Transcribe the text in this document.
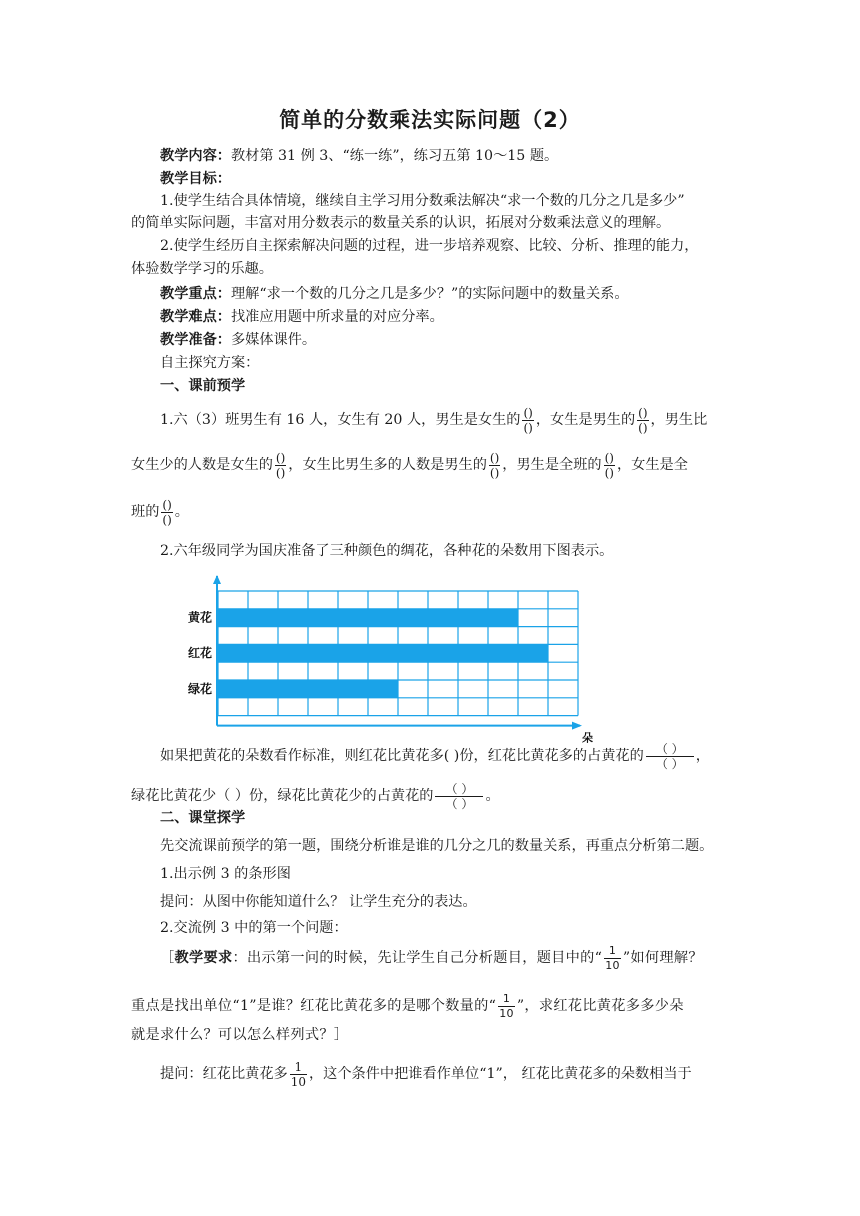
简单的分数乘法实际问题（2）
教学内容：教材第 31 例 3、“练一练”，练习五第 10～15 题。
教学目标：
1.使学生结合具体情境，继续自主学习用分数乘法解决“求一个数的几分之几是多少”
的简单实际问题，丰富对用分数表示的数量关系的认识，拓展对分数乘法意义的理解。
2.使学生经历自主探索解决问题的过程，进一步培养观察、比较、分析、推理的能力，
体验数学学习的乐趣。
教学重点：理解“求一个数的几分之几是多少？”的实际问题中的数量关系。
教学难点：找准应用题中所求量的对应分率。
教学准备：多媒体课件。
自主探究方案：
一、课前预学
1.六（3）班男生有 16 人，女生有 20 人，男生是女生的 $\frac{()}{()}$ ，女生是男生的 $\frac{()}{()}$ ，男生比
女生少的人数是女生的 $\frac{()}{()}$ ，女生比男生多的人数是男生的 $\frac{()}{()}$ ，男生是全班的 $\frac{()}{()}$ ，女生是全
班的 $\frac{()}{()}$ 。
2.六年级同学为国庆准备了三种颜色的绸花，各种花的朵数用下图表示。
黄花
红花
绿花
朵
如果把黄花的朵数看作标准，则红花比黄花多( )份，红花比黄花多的占黄花的 $\frac{( )}{( )}$ ，
绿花比黄花少（ ）份，绿花比黄花少的占黄花的 $\frac{( )}{( )}$ 。
二、课堂探学
先交流课前预学的第一题，围绕分析谁是谁的几分之几的数量关系，再重点分析第二题。
1.出示例 3 的条形图
提问：从图中你能知道什么？ 让学生充分的表达。
2.交流例 3 中的第一个问题：
［教学要求：出示第一问的时候，先让学生自己分析题目，题目中的“ $\frac{1}{10}$ ”如何理解？
重点是找出单位“1”是谁？红花比黄花多的是哪个数量的“ $\frac{1}{10}$ ”，求红花比黄花多多少朵
就是求什么？可以怎么样列式？］
提问：红花比黄花多 $\frac{1}{10}$ ，这个条件中把谁看作单位“1”， 红花比黄花多的朵数相当于
